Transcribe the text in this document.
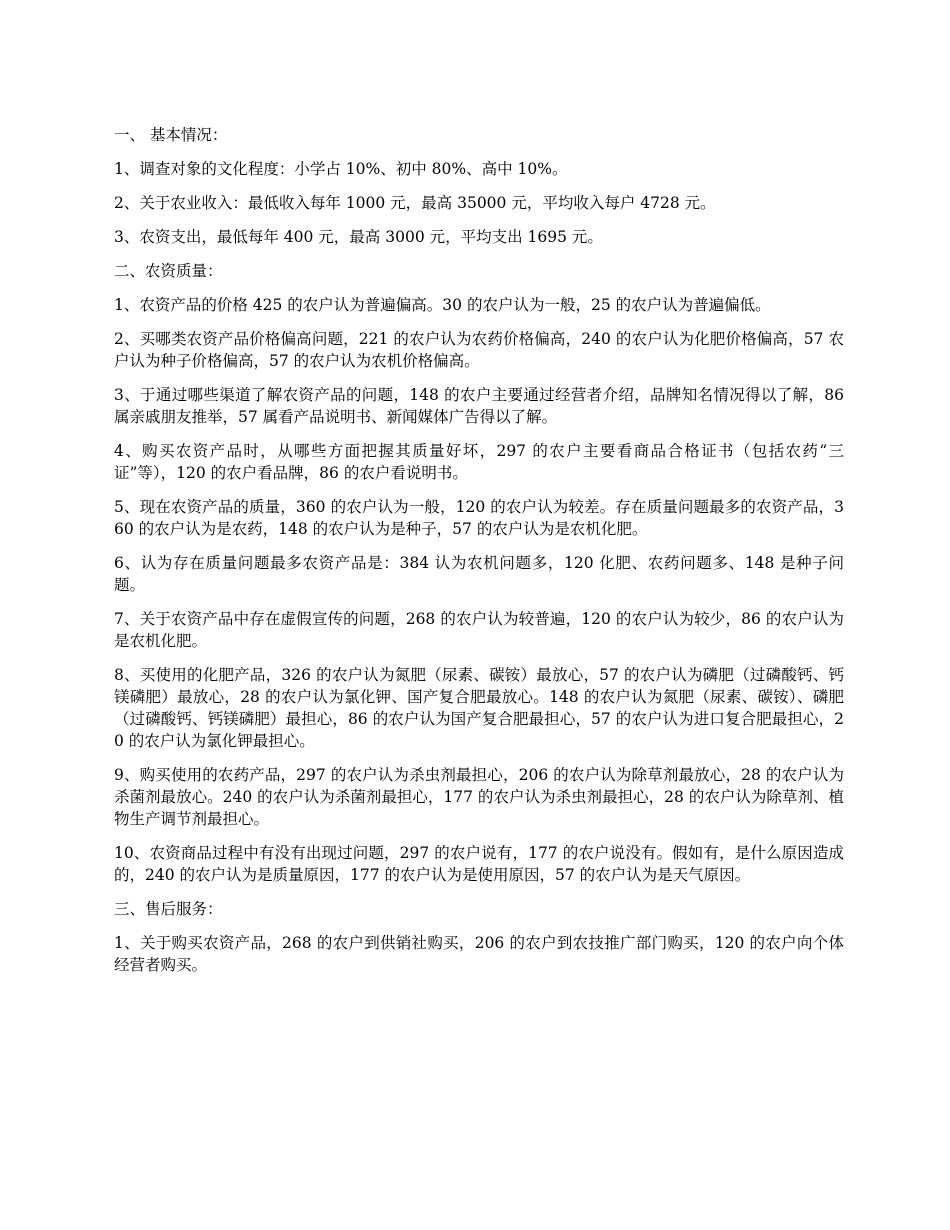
一、 基本情况：

1、调查对象的文化程度：小学占 10%、初中 80%、高中 10%。

2、关于农业收入：最低收入每年 1000 元，最高 35000 元，平均收入每户 4728 元。

3、农资支出，最低每年 400 元，最高 3000 元，平均支出 1695 元。

二、农资质量：

1、农资产品的价格 425 的农户认为普遍偏高。30 的农户认为一般，25 的农户认为普遍偏低。

2、买哪类农资产品价格偏高问题，221 的农户认为农药价格偏高，240 的农户认为化肥价格偏高，57 农户认为种子价格偏高，57 的农户认为农机价格偏高。

3、于通过哪些渠道了解农资产品的问题，148 的农户主要通过经营者介绍，品牌知名情况得以了解，86 属亲戚朋友推举，57 属看产品说明书、新闻媒体广告得以了解。

4、购买农资产品时，从哪些方面把握其质量好坏，297 的农户主要看商品合格证书（包括农药“三证”等），120 的农户看品牌，86 的农户看说明书。

5、现在农资产品的质量，360 的农户认为一般，120 的农户认为较差。存在质量问题最多的农资产品，360 的农户认为是农药，148 的农户认为是种子，57 的农户认为是农机化肥。

6、认为存在质量问题最多农资产品是：384 认为农机问题多，120 化肥、农药问题多、148 是种子问题。

7、关于农资产品中存在虚假宣传的问题，268 的农户认为较普遍，120 的农户认为较少，86 的农户认为是农机化肥。

8、买使用的化肥产品，326 的农户认为氮肥（尿素、碳铵）最放心，57 的农户认为磷肥（过磷酸钙、钙镁磷肥）最放心，28 的农户认为氯化钾、国产复合肥最放心。148 的农户认为氮肥（尿素、碳铵）、磷肥（过磷酸钙、钙镁磷肥）最担心，86 的农户认为国产复合肥最担心，57 的农户认为进口复合肥最担心，20 的农户认为氯化钾最担心。

9、购买使用的农药产品，297 的农户认为杀虫剂最担心，206 的农户认为除草剂最放心，28 的农户认为杀菌剂最放心。240 的农户认为杀菌剂最担心，177 的农户认为杀虫剂最担心，28 的农户认为除草剂、植物生产调节剂最担心。

10、农资商品过程中有没有出现过问题，297 的农户说有，177 的农户说没有。假如有，是什么原因造成的，240 的农户认为是质量原因，177 的农户认为是使用原因，57 的农户认为是天气原因。

三、售后服务：

1、关于购买农资产品，268 的农户到供销社购买，206 的农户到农技推广部门购买，120 的农户向个体经营者购买。
